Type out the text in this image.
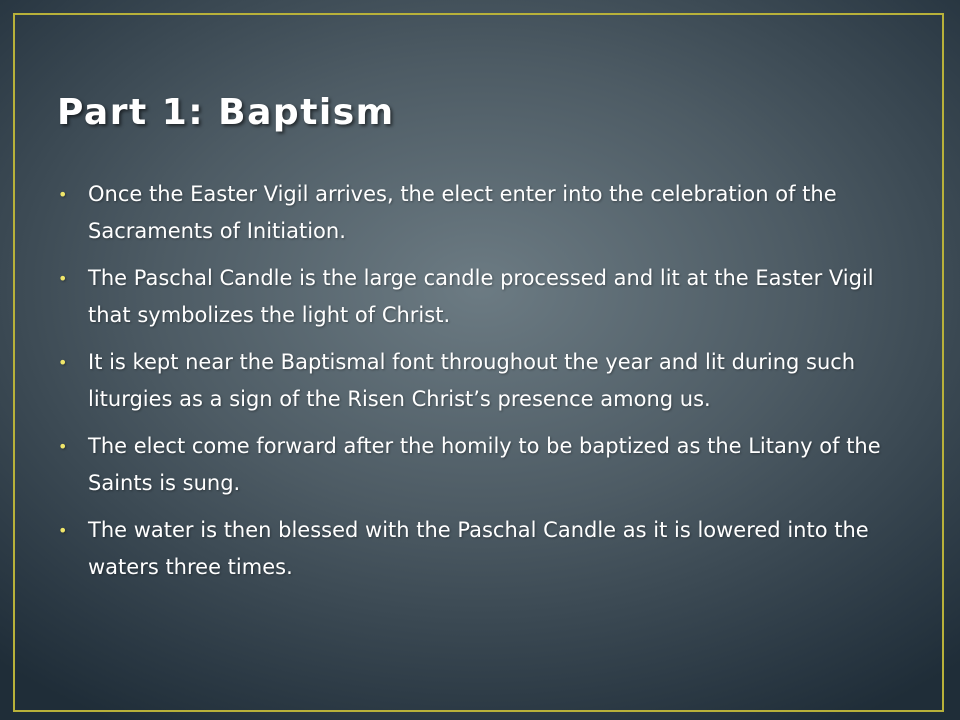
Part 1: Baptism
• Once the Easter Vigil arrives, the elect enter into the celebration of the Sacraments of Initiation.
• The Paschal Candle is the large candle processed and lit at the Easter Vigil that symbolizes the light of Christ.
• It is kept near the Baptismal font throughout the year and lit during such liturgies as a sign of the Risen Christ’s presence among us.
• The elect come forward after the homily to be baptized as the Litany of the Saints is sung.
• The water is then blessed with the Paschal Candle as it is lowered into the waters three times.
